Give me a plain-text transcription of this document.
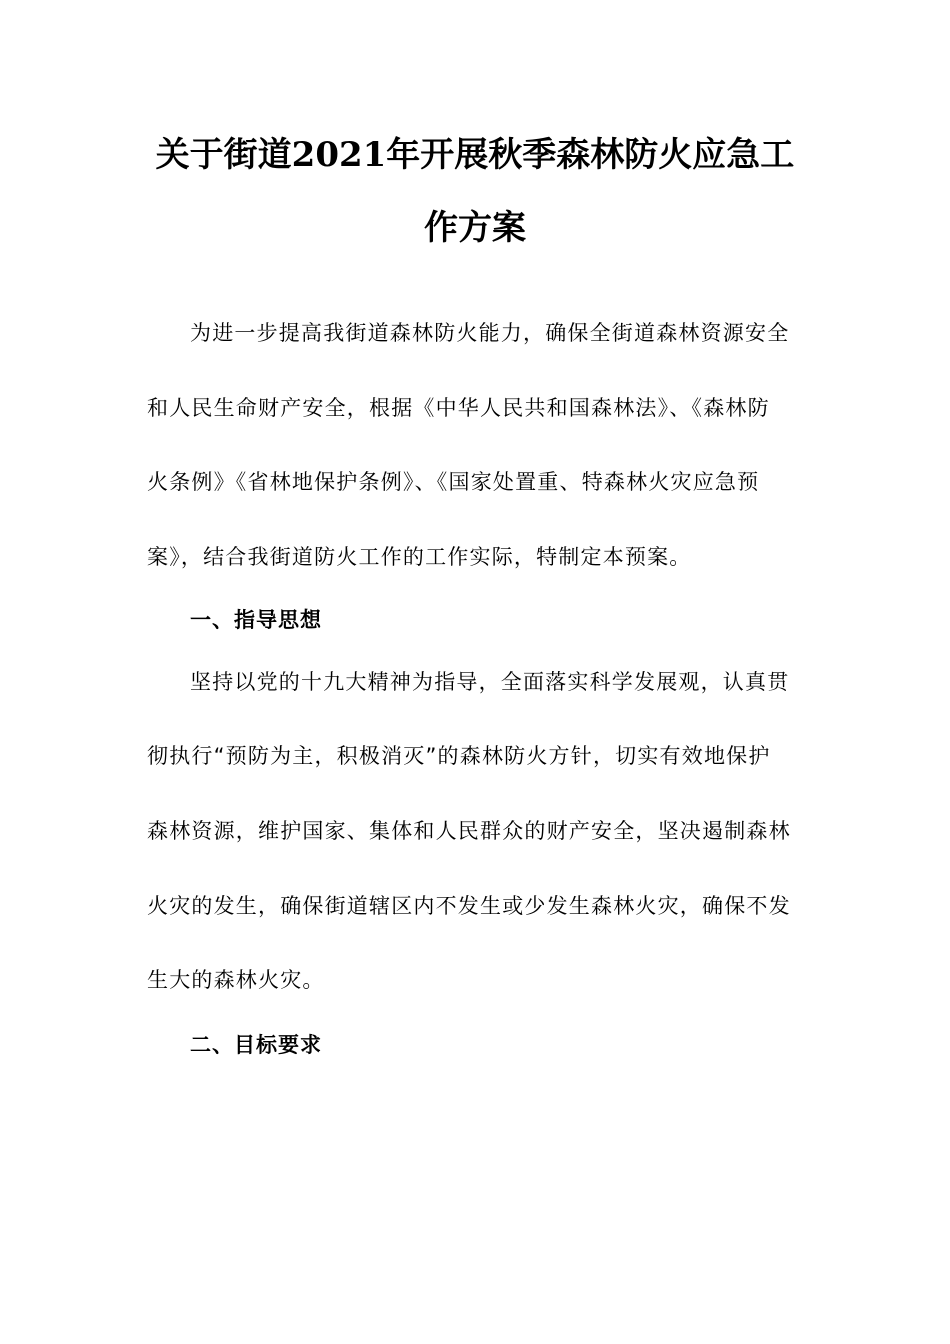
关于街道2021年开展秋季森林防火应急工
作方案
为进一步提高我街道森林防火能力，确保全街道森林资源安全
和人民生命财产安全，根据《中华人民共和国森林法》、《森林防
火条例》《省林地保护条例》、《国家处置重、特森林火灾应急预
案》，结合我街道防火工作的工作实际，特制定本预案。
一、指导思想
坚持以党的十九大精神为指导，全面落实科学发展观，认真贯
彻执行“预防为主，积极消灭”的森林防火方针，切实有效地保护
森林资源，维护国家、集体和人民群众的财产安全，坚决遏制森林
火灾的发生，确保街道辖区内不发生或少发生森林火灾，确保不发
生大的森林火灾。
二、目标要求
